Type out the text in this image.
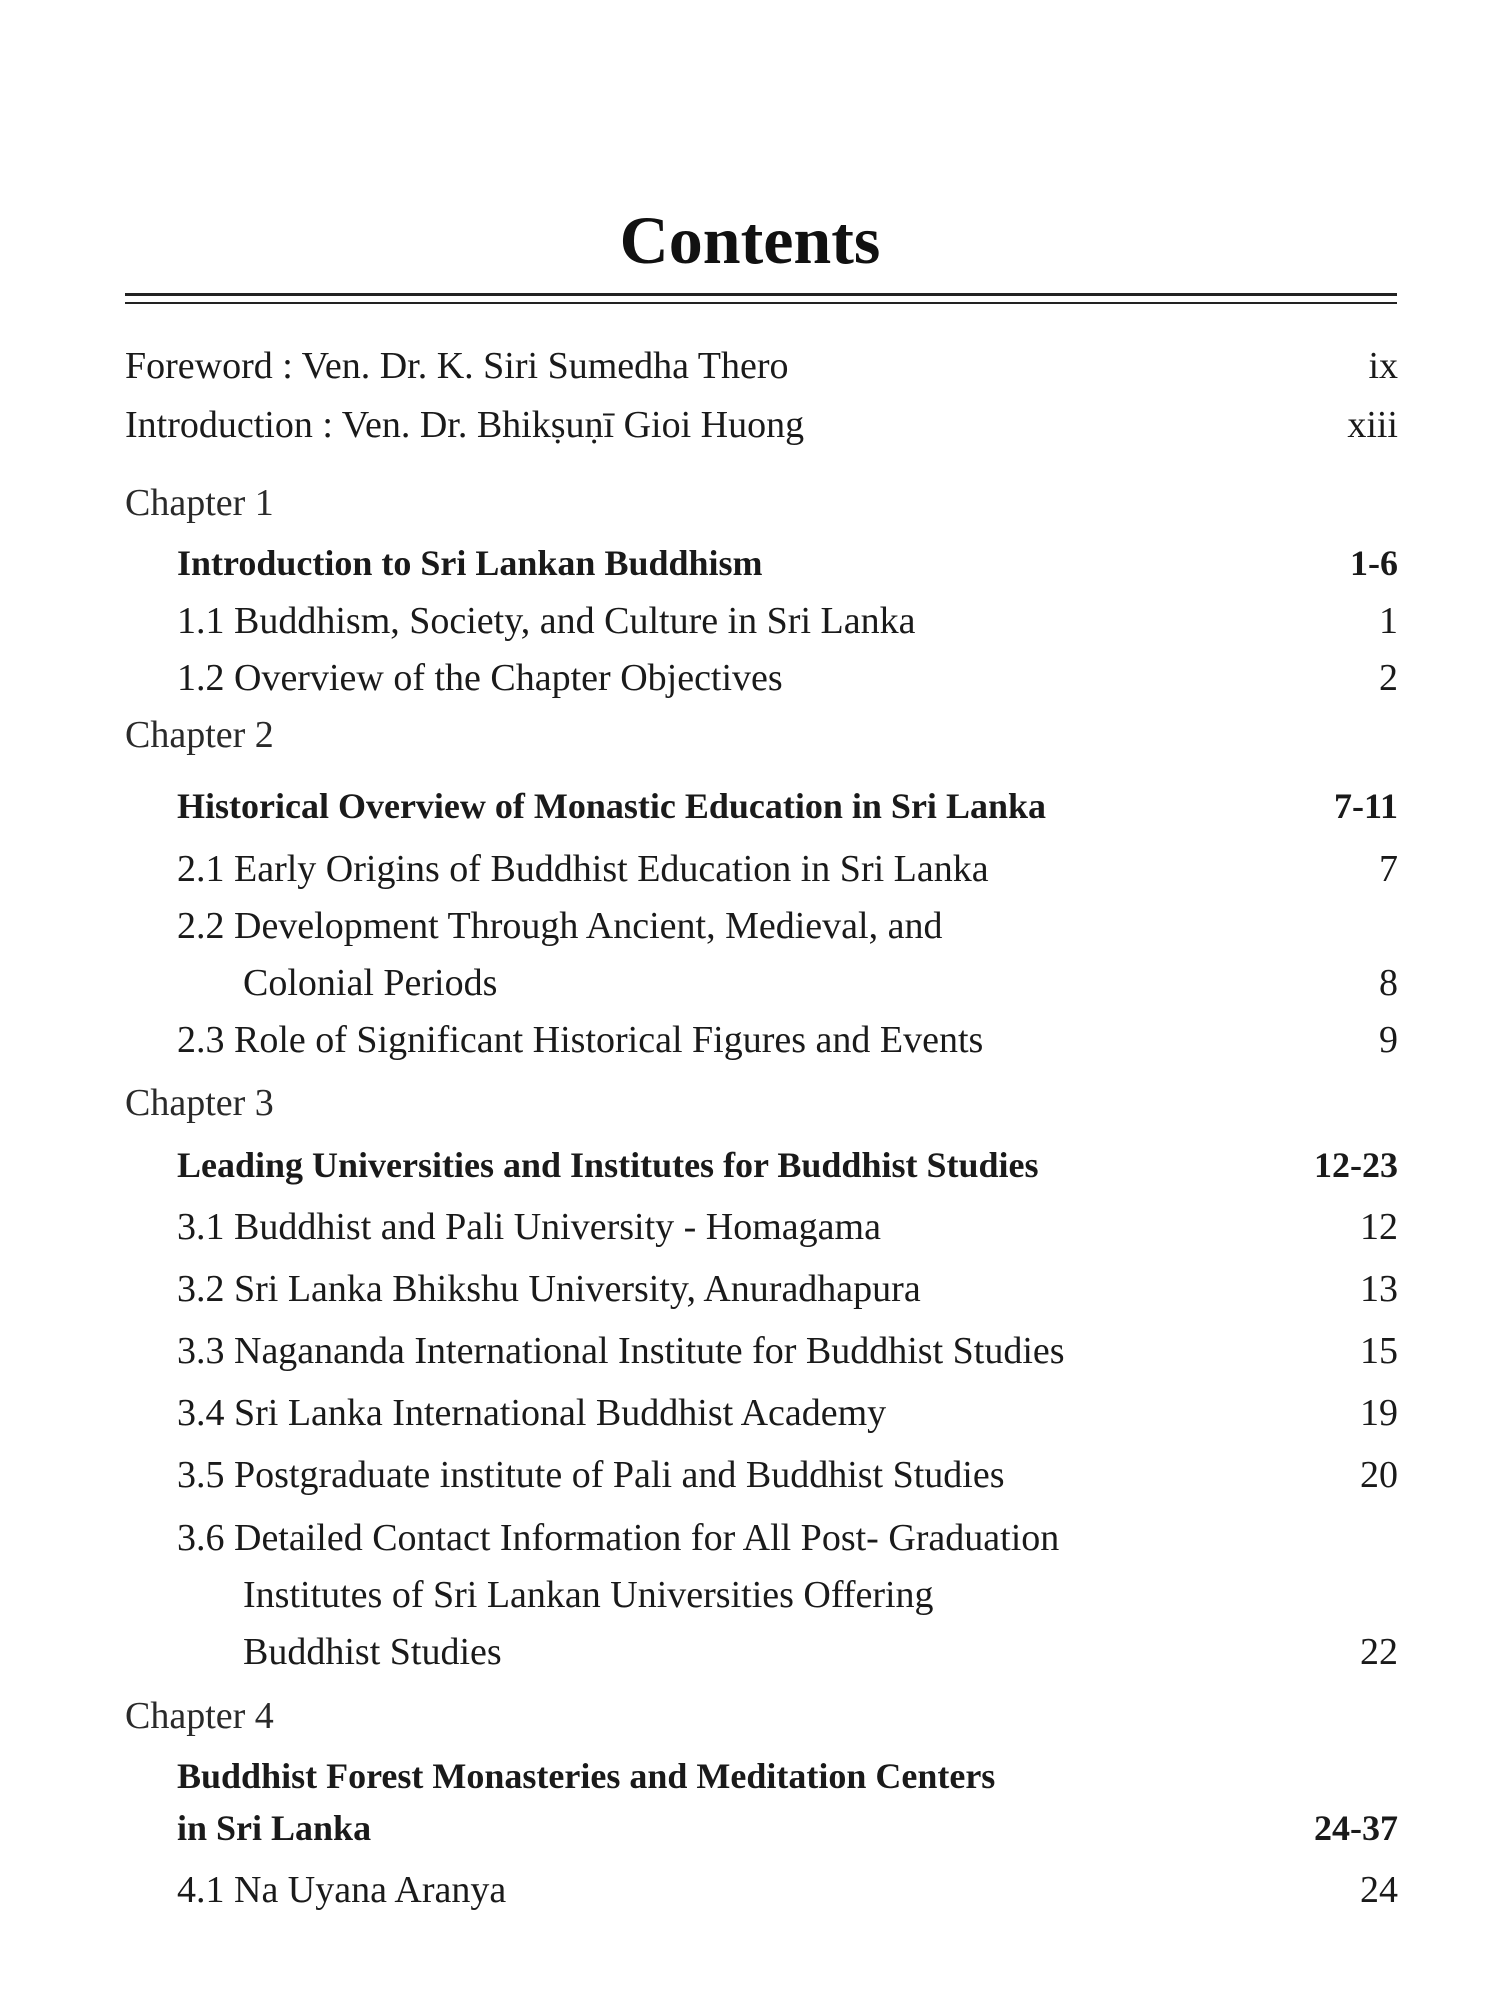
Contents
Foreword : Ven. Dr. K. Siri Sumedha Thero	ix
Introduction : Ven. Dr. Bhikṣuṇī Gioi Huong	xiii
Chapter 1
Introduction to Sri Lankan Buddhism	1-6
1.1 Buddhism, Society, and Culture in Sri Lanka	1
1.2 Overview of the Chapter Objectives	2
Chapter 2
Historical Overview of Monastic Education in Sri Lanka	7-11
2.1 Early Origins of Buddhist Education in Sri Lanka	7
2.2 Development Through Ancient, Medieval, and
Colonial Periods	8
2.3 Role of Significant Historical Figures and Events	9
Chapter 3
Leading Universities and Institutes for Buddhist Studies	12-23
3.1 Buddhist and Pali University - Homagama	12
3.2 Sri Lanka Bhikshu University, Anuradhapura	13
3.3 Nagananda International Institute for Buddhist Studies	15
3.4 Sri Lanka International Buddhist Academy	19
3.5 Postgraduate institute of Pali and Buddhist Studies	20
3.6 Detailed Contact Information for All Post- Graduation
Institutes of Sri Lankan Universities Offering
Buddhist Studies	22
Chapter 4
Buddhist Forest Monasteries and Meditation Centers
in Sri Lanka	24-37
4.1 Na Uyana Aranya	24
